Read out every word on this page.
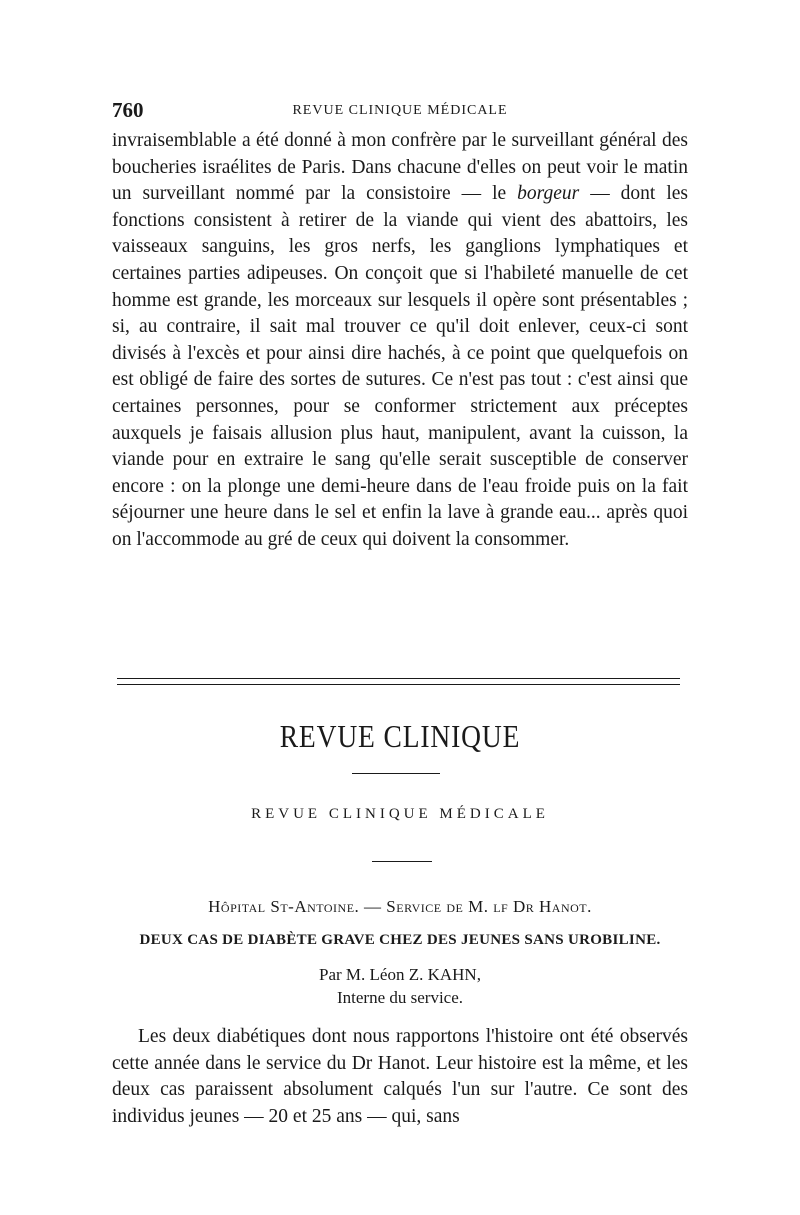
760	REVUE CLINIQUE MÉDICALE

invraisemblable a été donné à mon confrère par le surveillant général des boucheries israélites de Paris. Dans chacune d'elles on peut voir le matin un surveillant nommé par la consistoire — le borgeur — dont les fonctions consistent à retirer de la viande qui vient des abattoirs, les vaisseaux sanguins, les gros nerfs, les ganglions lymphatiques et certaines parties adipeuses. On conçoit que si l'habileté manuelle de cet homme est grande, les morceaux sur lesquels il opère sont présentables ; si, au contraire, il sait mal trouver ce qu'il doit enlever, ceux-ci sont divisés à l'excès et pour ainsi dire hachés, à ce point que quelquefois on est obligé de faire des sortes de sutures. Ce n'est pas tout : c'est ainsi que certaines personnes, pour se conformer strictement aux préceptes auxquels je faisais allusion plus haut, manipulent, avant la cuisson, la viande pour en extraire le sang qu'elle serait susceptible de conserver encore : on la plonge une demi-heure dans de l'eau froide puis on la fait séjourner une heure dans le sel et enfin la lave à grande eau... après quoi on l'accommode au gré de ceux qui doivent la consommer.

REVUE CLINIQUE
REVUE CLINIQUE MÉDICALE
Hôpital St-Antoine. — Service de M. lf Dr Hanot.
DEUX CAS DE DIABÈTE GRAVE CHEZ DES JEUNES SANS UROBILINE.
Par M. Léon Z. KAHN,
Interne du service.

Les deux diabétiques dont nous rapportons l'histoire ont été observés cette année dans le service du Dr Hanot. Leur histoire est la même, et les deux cas paraissent absolument calqués l'un sur l'autre. Ce sont des individus jeunes — 20 et 25 ans — qui, sans
